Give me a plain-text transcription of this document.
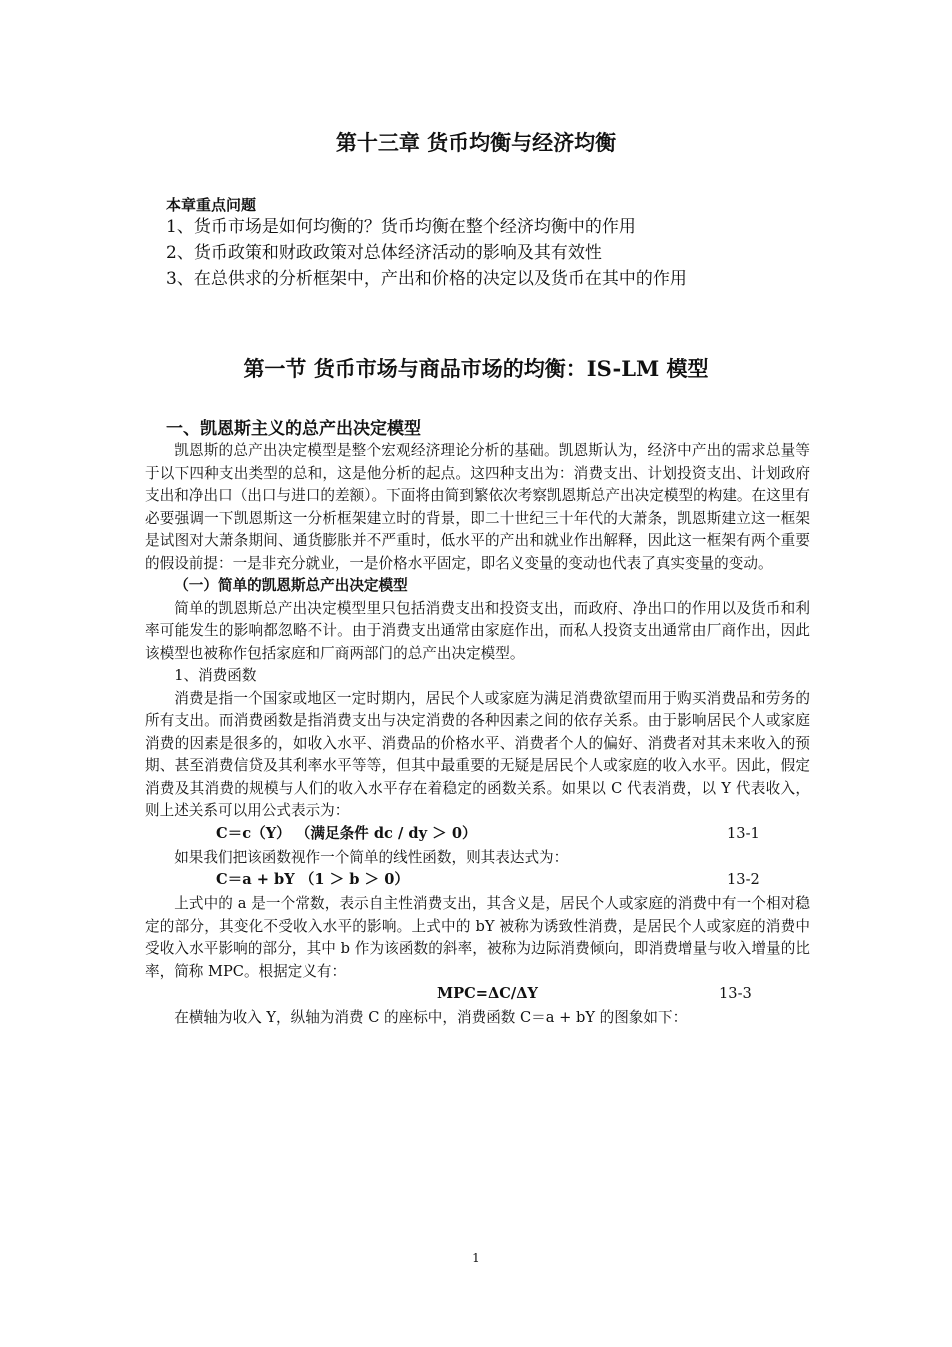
第十三章 货币均衡与经济均衡
本章重点问题
1、货币市场是如何均衡的？货币均衡在整个经济均衡中的作用
2、货币政策和财政政策对总体经济活动的影响及其有效性
3、在总供求的分析框架中，产出和价格的决定以及货币在其中的作用
第一节 货币市场与商品市场的均衡：IS-LM 模型
一、凯恩斯主义的总产出决定模型

凯恩斯的总产出决定模型是整个宏观经济理论分析的基础。凯恩斯认为，经济中产出的需求总量等于以下四种支出类型的总和，这是他分析的起点。这四种支出为：消费支出、计划投资支出、计划政府支出和净出口（出口与进口的差额）。下面将由简到繁依次考察凯恩斯总产出决定模型的构建。在这里有必要强调一下凯恩斯这一分析框架建立时的背景，即二十世纪三十年代的大萧条，凯恩斯建立这一框架是试图对大萧条期间、通货膨胀并不严重时，低水平的产出和就业作出解释，因此这一框架有两个重要的假设前提：一是非充分就业，一是价格水平固定，即名义变量的变动也代表了真实变量的变动。

（一）简单的凯恩斯总产出决定模型

简单的凯恩斯总产出决定模型里只包括消费支出和投资支出，而政府、净出口的作用以及货币和利率可能发生的影响都忽略不计。由于消费支出通常由家庭作出，而私人投资支出通常由厂商作出，因此该模型也被称作包括家庭和厂商两部门的总产出决定模型。

1、消费函数

消费是指一个国家或地区一定时期内，居民个人或家庭为满足消费欲望而用于购买消费品和劳务的所有支出。而消费函数是指消费支出与决定消费的各种因素之间的依存关系。由于影响居民个人或家庭消费的因素是很多的，如收入水平、消费品的价格水平、消费者个人的偏好、消费者对其未来收入的预期、甚至消费信贷及其利率水平等等，但其中最重要的无疑是居民个人或家庭的收入水平。因此，假定消费及其消费的规模与人们的收入水平存在着稳定的函数关系。如果以 C 代表消费，以 Y 代表收入，则上述关系可以用公式表示为：

C＝c（Y） （满足条件 dc / dy ＞ 0）	13-1

如果我们把该函数视作一个简单的线性函数，则其表达式为：

C＝a + bY （1 ＞ b ＞ 0）	13-2

上式中的 a 是一个常数，表示自主性消费支出，其含义是，居民个人或家庭的消费中有一个相对稳定的部分，其变化不受收入水平的影响。上式中的 bY 被称为诱致性消费，是居民个人或家庭的消费中受收入水平影响的部分，其中 b 作为该函数的斜率，被称为边际消费倾向，即消费增量与收入增量的比率，简称 MPC。根据定义有：

MPC=ΔC/ΔY	13-3

在横轴为收入 Y，纵轴为消费 C 的座标中，消费函数 C＝a + bY 的图象如下：

1
